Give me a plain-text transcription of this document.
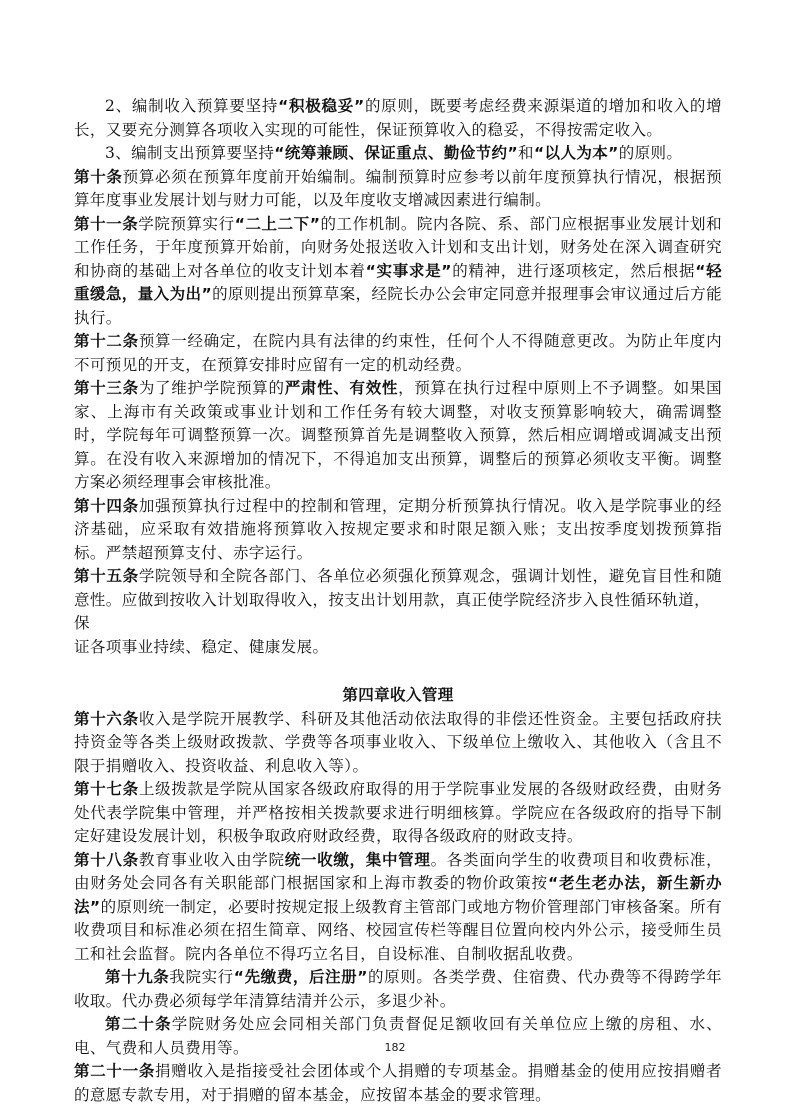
2、编制收入预算要坚持“积极稳妥”的原则，既要考虑经费来源渠道的增加和收入的增长，又要充分测算各项收入实现的可能性，保证预算收入的稳妥，不得按需定收入。

3、编制支出预算要坚持“统筹兼顾、保证重点、勤俭节约”和“以人为本”的原则。

第十条预算必须在预算年度前开始编制。编制预算时应参考以前年度预算执行情况，根据预算年度事业发展计划与财力可能，以及年度收支增减因素进行编制。

第十一条学院预算实行“二上二下”的工作机制。院内各院、系、部门应根据事业发展计划和工作任务，于年度预算开始前，向财务处报送收入计划和支出计划，财务处在深入调查研究和协商的基础上对各单位的收支计划本着“实事求是”的精神，进行逐项核定，然后根据“轻重缓急，量入为出”的原则提出预算草案，经院长办公会审定同意并报理事会审议通过后方能执行。

第十二条预算一经确定，在院内具有法律的约束性，任何个人不得随意更改。为防止年度内不可预见的开支，在预算安排时应留有一定的机动经费。

第十三条为了维护学院预算的严肃性、有效性，预算在执行过程中原则上不予调整。如果国家、上海市有关政策或事业计划和工作任务有较大调整，对收支预算影响较大，确需调整时，学院每年可调整预算一次。调整预算首先是调整收入预算，然后相应调增或调减支出预算。在没有收入来源增加的情况下，不得追加支出预算，调整后的预算必须收支平衡。调整方案必须经理事会审核批准。

第十四条加强预算执行过程中的控制和管理，定期分析预算执行情况。收入是学院事业的经济基础，应采取有效措施将预算收入按规定要求和时限足额入账；支出按季度划拨预算指标。严禁超预算支付、赤字运行。

第十五条学院领导和全院各部门、各单位必须强化预算观念，强调计划性，避免盲目性和随意性。应做到按收入计划取得收入，按支出计划用款，真正使学院经济步入良性循环轨道，
保
证各项事业持续、稳定、健康发展。

第四章收入管理

第十六条收入是学院开展教学、科研及其他活动依法取得的非偿还性资金。主要包括政府扶持资金等各类上级财政拨款、学费等各项事业收入、下级单位上缴收入、其他收入（含且不限于捐赠收入、投资收益、利息收入等）。

第十七条上级拨款是学院从国家各级政府取得的用于学院事业发展的各级财政经费，由财务处代表学院集中管理，并严格按相关拨款要求进行明细核算。学院应在各级政府的指导下制定好建设发展计划，积极争取政府财政经费，取得各级政府的财政支持。

第十八条教育事业收入由学院统一收缴，集中管理。各类面向学生的收费项目和收费标准，由财务处会同各有关职能部门根据国家和上海市教委的物价政策按“老生老办法，新生新办法”的原则统一制定，必要时按规定报上级教育主管部门或地方物价管理部门审核备案。所有收费项目和标准必须在招生简章、网络、校园宣传栏等醒目位置向校内外公示，接受师生员工和社会监督。院内各单位不得巧立名目，自设标准、自制收据乱收费。

第十九条我院实行“先缴费，后注册”的原则。各类学费、住宿费、代办费等不得跨学年收取。代办费必须每学年清算结清并公示，多退少补。

第二十条学院财务处应会同相关部门负责督促足额收回有关单位应上缴的房租、水、电、气费和人员费用等。

第二十一条捐赠收入是指接受社会团体或个人捐赠的专项基金。捐赠基金的使用应按捐赠者的意愿专款专用，对于捐赠的留本基金，应按留本基金的要求管理。

182
